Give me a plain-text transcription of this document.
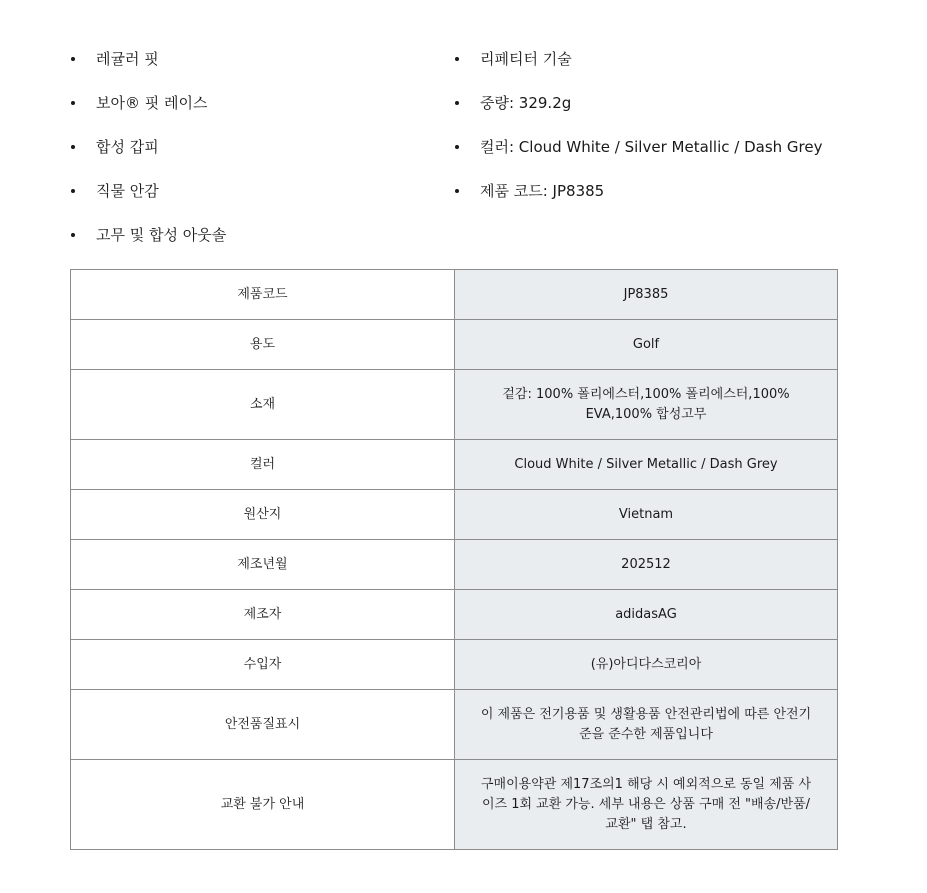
레귤러 핏
보아® 핏 레이스
합성 갑피
직물 안감
고무 및 합성 아웃솔
리페티터 기술
중량: 329.2g
컬러: Cloud White / Silver Metallic / Dash Grey
제품 코드: JP8385
제품코드	JP8385
용도	Golf
소재	겉감: 100% 폴리에스터,100% 폴리에스터,100% EVA,100% 합성고무
컬러	Cloud White / Silver Metallic / Dash Grey
원산지	Vietnam
제조년월	202512
제조자	adidasAG
수입자	(유)아디다스코리아
안전품질표시	이 제품은 전기용품 및 생활용품 안전관리법에 따른 안전기준을 준수한 제품입니다
교환 불가 안내	구매이용약관 제17조의1 해당 시 예외적으로 동일 제품 사이즈 1회 교환 가능. 세부 내용은 상품 구매 전 "배송/반품/교환" 탭 참고.
